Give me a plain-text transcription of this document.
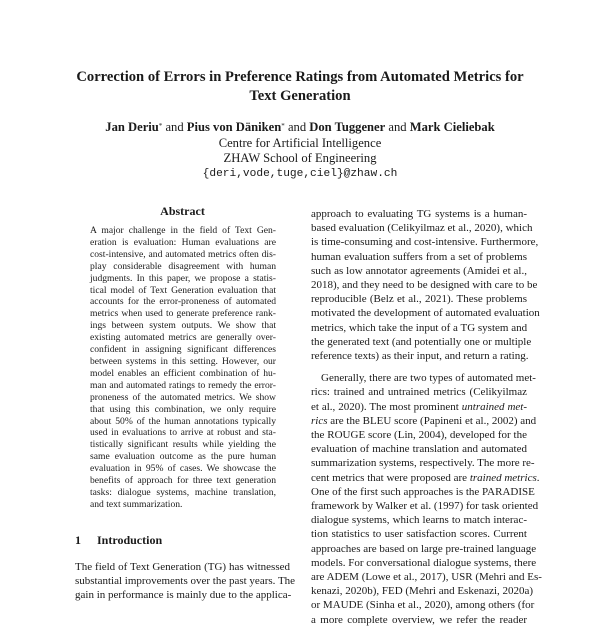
Correction of Errors in Preference Ratings from Automated Metrics for
Text Generation
Jan Deriu* and Pius von Däniken* and Don Tuggener and Mark Cieliebak
Centre for Artificial Intelligence
ZHAW School of Engineering
{deri,vode,tuge,ciel}@zhaw.ch
Abstract
A major challenge in the field of Text Gen-
eration is evaluation: Human evaluations are
cost-intensive, and automated metrics often dis-
play considerable disagreement with human
judgments. In this paper, we propose a statis-
tical model of Text Generation evaluation that
accounts for the error-proneness of automated
metrics when used to generate preference rank-
ings between system outputs. We show that
existing automated metrics are generally over-
confident in assigning significant differences
between systems in this setting. However, our
model enables an efficient combination of hu-
man and automated ratings to remedy the error-
proneness of the automated metrics. We show
that using this combination, we only require
about 50% of the human annotations typically
used in evaluations to arrive at robust and sta-
tistically significant results while yielding the
same evaluation outcome as the pure human
evaluation in 95% of cases. We showcase the
benefits of approach for three text generation
tasks: dialogue systems, machine translation,
and text summarization.
1 Introduction
The field of Text Generation (TG) has witnessed
substantial improvements over the past years. The
gain in performance is mainly due to the applica-
approach to evaluating TG systems is a human-
based evaluation (Celikyilmaz et al., 2020), which
is time-consuming and cost-intensive. Furthermore,
human evaluation suffers from a set of problems
such as low annotator agreements (Amidei et al.,
2018), and they need to be designed with care to be
reproducible (Belz et al., 2021). These problems
motivated the development of automated evaluation
metrics, which take the input of a TG system and
the generated text (and potentially one or multiple
reference texts) as their input, and return a rating.
Generally, there are two types of automated met-
rics: trained and untrained metrics (Celikyilmaz
et al., 2020). The most prominent untrained met-
rics are the BLEU score (Papineni et al., 2002) and
the ROUGE score (Lin, 2004), developed for the
evaluation of machine translation and automated
summarization systems, respectively. The more re-
cent metrics that were proposed are trained metrics.
One of the first such approaches is the PARADISE
framework by Walker et al. (1997) for task oriented
dialogue systems, which learns to match interac-
tion statistics to user satisfaction scores. Current
approaches are based on large pre-trained language
models. For conversational dialogue systems, there
are ADEM (Lowe et al., 2017), USR (Mehri and Es-
kenazi, 2020b), FED (Mehri and Eskenazi, 2020a)
or MAUDE (Sinha et al., 2020), among others (for
a more complete overview, we refer the reader
